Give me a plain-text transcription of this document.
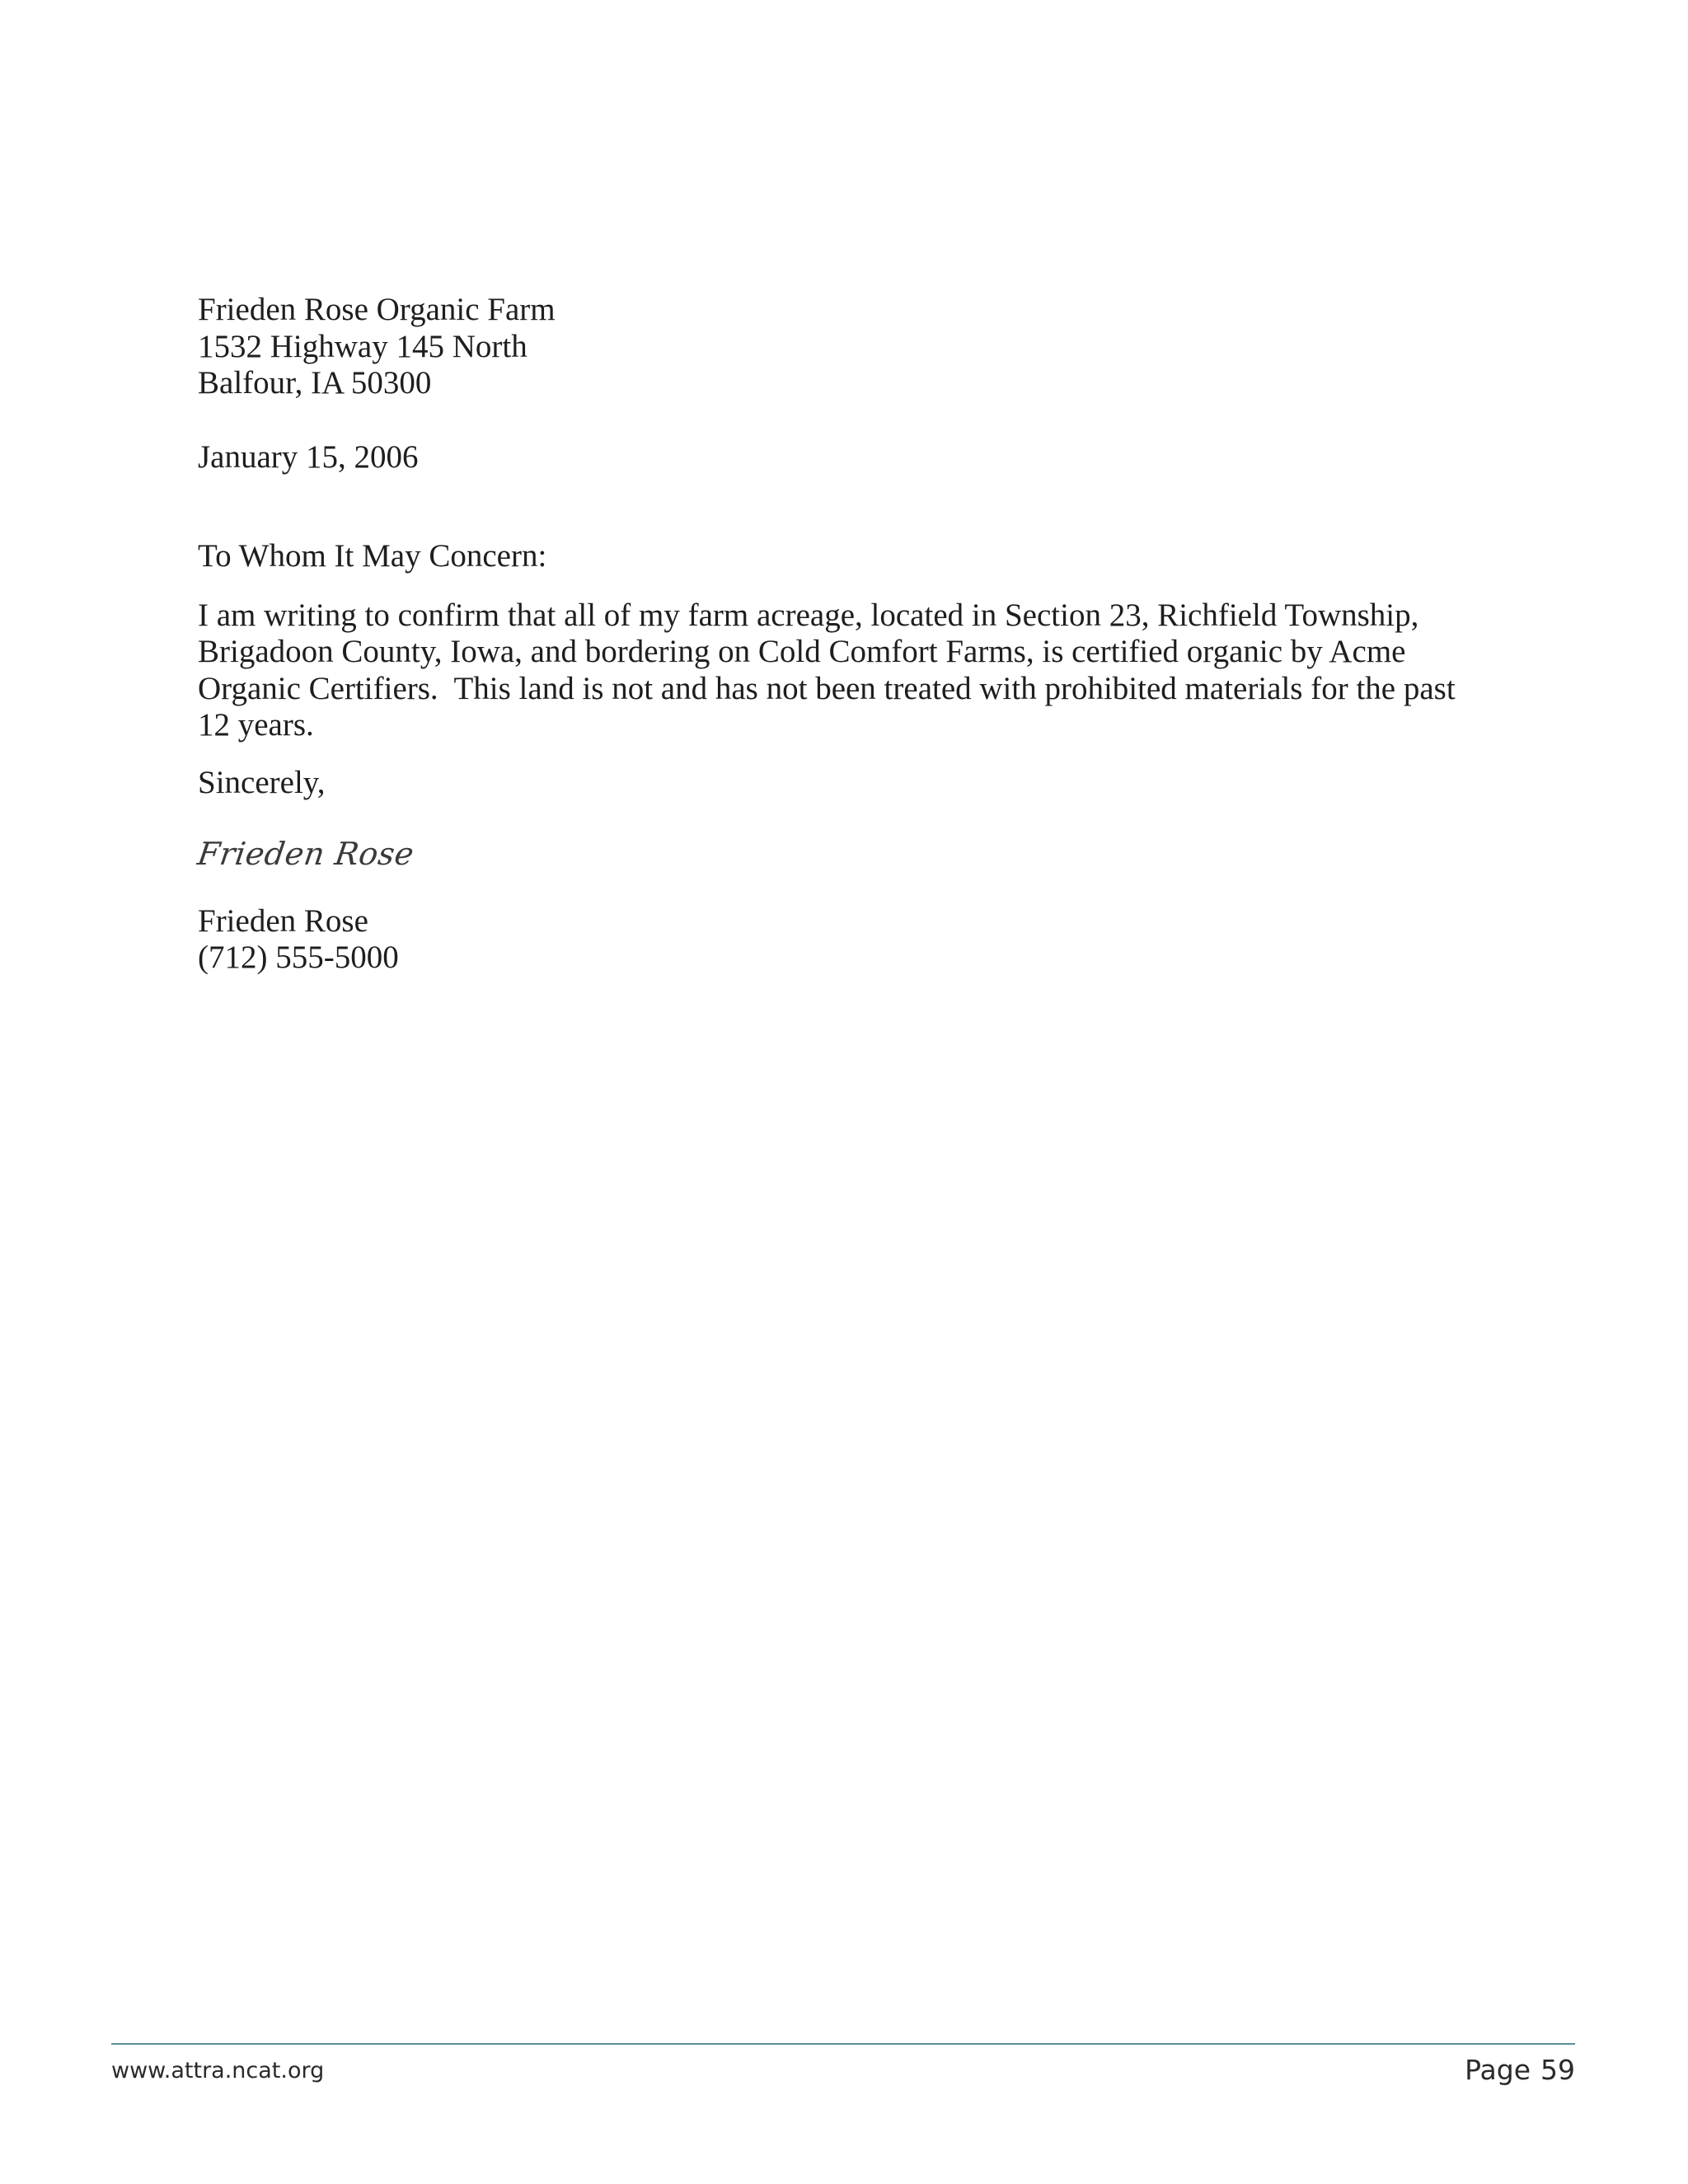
Frieden Rose Organic Farm
1532 Highway 145 North
Balfour, IA 50300

January 15, 2006

To Whom It May Concern:

I am writing to confirm that all of my farm acreage, located in Section 23, Richfield Township,
Brigadoon County, Iowa, and bordering on Cold Comfort Farms, is certified organic by Acme
Organic Certifiers.  This land is not and has not been treated with prohibited materials for the past
12 years.

Sincerely,

Frieden Rose

Frieden Rose
(712) 555-5000

www.attra.ncat.org	Page 59
